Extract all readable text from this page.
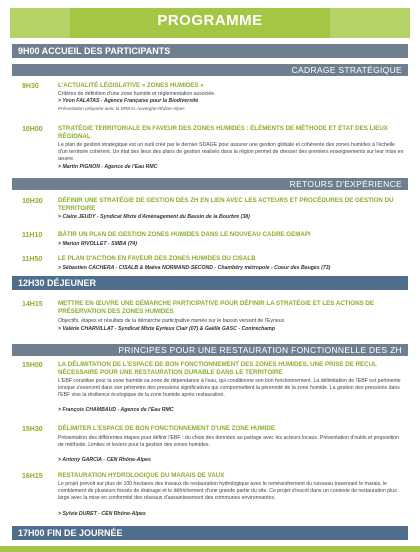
PROGRAMME
9H00 ACCUEIL DES PARTICIPANTS
CADRAGE STRATÉGIQUE
9H30	L'ACTUALITÉ LÉGISLATIVE « ZONES HUMIDES »
Critères de définition d'une zone humide et réglementation associée.
> Yvon FALATAS - Agence Française pour la Biodiversité
Présentation préparée avec la DREAL Auvergne-Rhône-Alpes
10H00 STRATÉGIE TERRITORIALE EN FAVEUR DES ZONES HUMIDES : ÉLÉMENTS DE MÉTHODE ET ÉTAT DES LIEUX RÉGIONAL
Le plan de gestion stratégique est un outil créé par le dernier SDAGE pour assurer une gestion globale et cohérente des zones humides à l'échelle d'un territoire cohérent. Un état des lieux des plans de gestion réalisés dans la région permet de dresser des premiers enseignements sur leur mise en œuvre.
> Martin PIGNON - Agence de l'Eau RMC
RETOURS D'EXPÉRIENCE
10H30 DÉFINIR UNE STRATÉGIE DE GESTION DES ZH EN LIEN AVEC LES ACTEURS ET PROCÉDURES DE GESTION DU TERRITOIRE
> Claire JEUDY - Syndicat Mixte d'Aménagement du Bassin de la Bourbre (38)
11H10	BÂTIR UN PLAN DE GESTION ZONES HUMIDES DANS LE NOUVEAU CADRE GEMAPI
> Marion RIVOLLET - SMBA (74)
11H50	LE PLAN D'ACTION EN FAVEUR DES ZONES HUMIDES DU CISALB
> Sébastien CACHERA - CISALB & Maëva NORMAND-SECOND - Chambéry métropole - Coeur des Bauges (73)
12H30 DÉJEUNER
14H15 METTRE EN ŒUVRE UNE DÉMARCHE PARTICIPATIVE POUR DÉFINIR LA STRATÉGIE ET LES ACTIONS DE PRÉSERVATION DES ZONES HUMIDES
Objectifs, étapes et résultats de la démarche participative menée sur le bassin versant de l'Eyrieux
> Valérie CHARVILLAT - Syndicat Mixte Eyrieux Clair (07) & Gaëlle GASC - Contrechamp
PRINCIPES POUR UNE RESTAURATION FONCTIONNELLE DES ZH
15H00 LA DÉLIMITATION DE L'ESPACE DE BON FONCTIONNEMENT DES ZONES HUMIDES, UNE PRISE DE RECUL NÉCESSAIRE POUR UNE RESTAURATION DURABLE DANS LE TERRITOIRE
L'EBF constitue pour la zone humide sa zone de dépendance à l'eau, qui conditionne son bon fonctionnement. La délimitation de l'EBF est pertinente lorsque s'exercent dans son périmètre des pressions significatives qui compromettent la pérennité de la zone humide. La gestion des pressions dans l'EBF vise la résilience écologique de la zone humide après restauration.
> François CHAMBAUD - Agence de l'Eau RMC
15H30 DÉLIMITER L'ESPACE DE BON FONCTIONNEMENT D'UNE ZONE HUMIDE
Présentation des différentes étapes pour définir l'EBF : du choix des données au partage avec les acteurs locaux. Présentation d'outils et proposition de méthode. Limites et leviers pour la gestion des zones humides.
> Antony GARCIA - CEN Rhône-Alpes
16H15 RESTAURATION HYDROLOGIQUE DU MARAIS DE VAUX
Le projet prévoit sur plus de 100 hectares des travaux de restauration hydrologique avec le reméandrement du ruisseau traversant le marais, le comblement de plusieurs fossés de drainage et le défrichement d'une grande partie du site. Ce projet s'inscrit dans un contexte de restauration plus large avec la mise en conformité des réseaux d'assainissement des communes environnantes.
> Sylvie DURET - CEN Rhône-Alpes
17H00 FIN DE JOURNÉE
